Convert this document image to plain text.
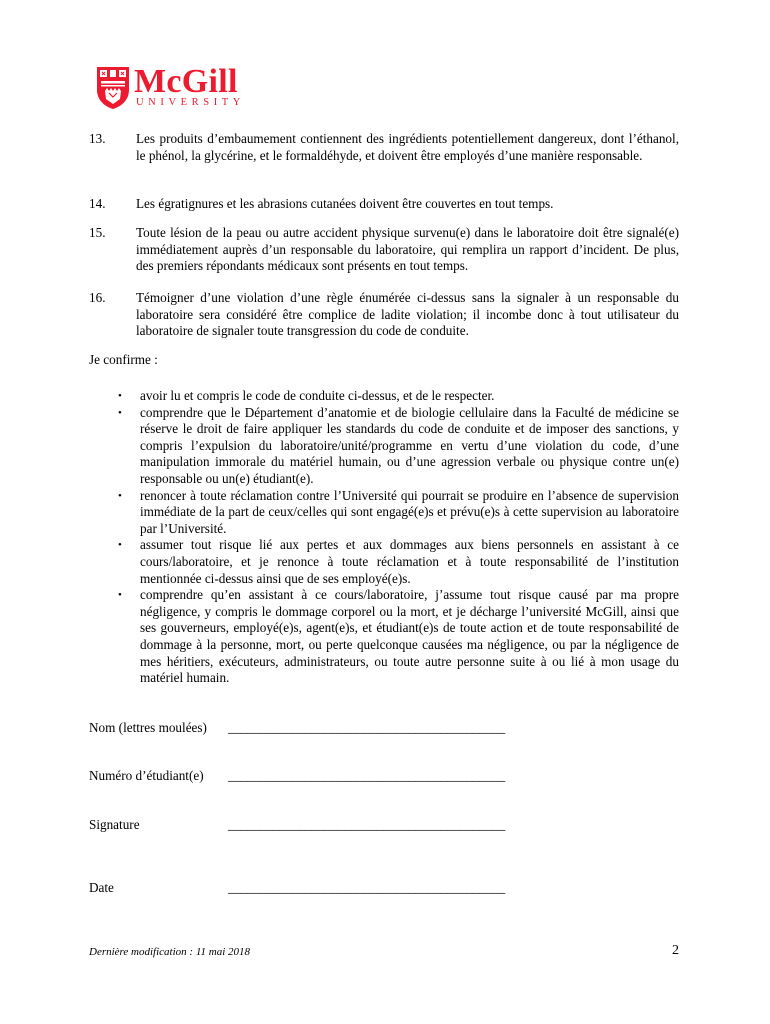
McGill
UNIVERSITY
13. Les produits d’embaumement contiennent des ingrédients potentiellement dangereux, dont l’éthanol, le phénol, la glycérine, et le formaldéhyde, et doivent être employés d’une manière responsable.
14. Les égratignures et les abrasions cutanées doivent être couvertes en tout temps.
15. Toute lésion de la peau ou autre accident physique survenu(e) dans le laboratoire doit être signalé(e) immédiatement auprès d’un responsable du laboratoire, qui remplira un rapport d’incident. De plus, des premiers répondants médicaux sont présents en tout temps.
16. Témoigner d’une violation d’une règle énumérée ci-dessus sans la signaler à un responsable du laboratoire sera considéré être complice de ladite violation; il incombe donc à tout utilisateur du laboratoire de signaler toute transgression du code de conduite.
Je confirme :
• avoir lu et compris le code de conduite ci-dessus, et de le respecter.
• comprendre que le Département d’anatomie et de biologie cellulaire dans la Faculté de médicine se réserve le droit de faire appliquer les standards du code de conduite et de imposer des sanctions, y compris l’expulsion du laboratoire/unité/programme en vertu d’une violation du code, d’une manipulation immorale du matériel humain, ou d’une agression verbale ou physique contre un(e) responsable ou un(e) étudiant(e).
• renoncer à toute réclamation contre l’Université qui pourrait se produire en l’absence de supervision immédiate de la part de ceux/celles qui sont engagé(e)s et prévu(e)s à cette supervision au laboratoire par l’Université.
• assumer tout risque lié aux pertes et aux dommages aux biens personnels en assistant à ce cours/laboratoire, et je renonce à toute réclamation et à toute responsabilité de l’institution mentionnée ci-dessus ainsi que de ses employé(e)s.
• comprendre qu’en assistant à ce cours/laboratoire, j’assume tout risque causé par ma propre négligence, y compris le dommage corporel ou la mort, et je décharge l’université McGill, ainsi que ses gouverneurs, employé(e)s, agent(e)s, et étudiant(e)s de toute action et de toute responsabilité de dommage à la personne, mort, ou perte quelconque causées ma négligence, ou par la négligence de mes héritiers, exécuteurs, administrateurs, ou toute autre personne suite à ou lié à mon usage du matériel humain.
Nom (lettres moulées) ___________________________________________
Numéro d’étudiant(e) ___________________________________________
Signature	___________________________________________
Date	___________________________________________
Dernière modification : 11 mai 2018	2
